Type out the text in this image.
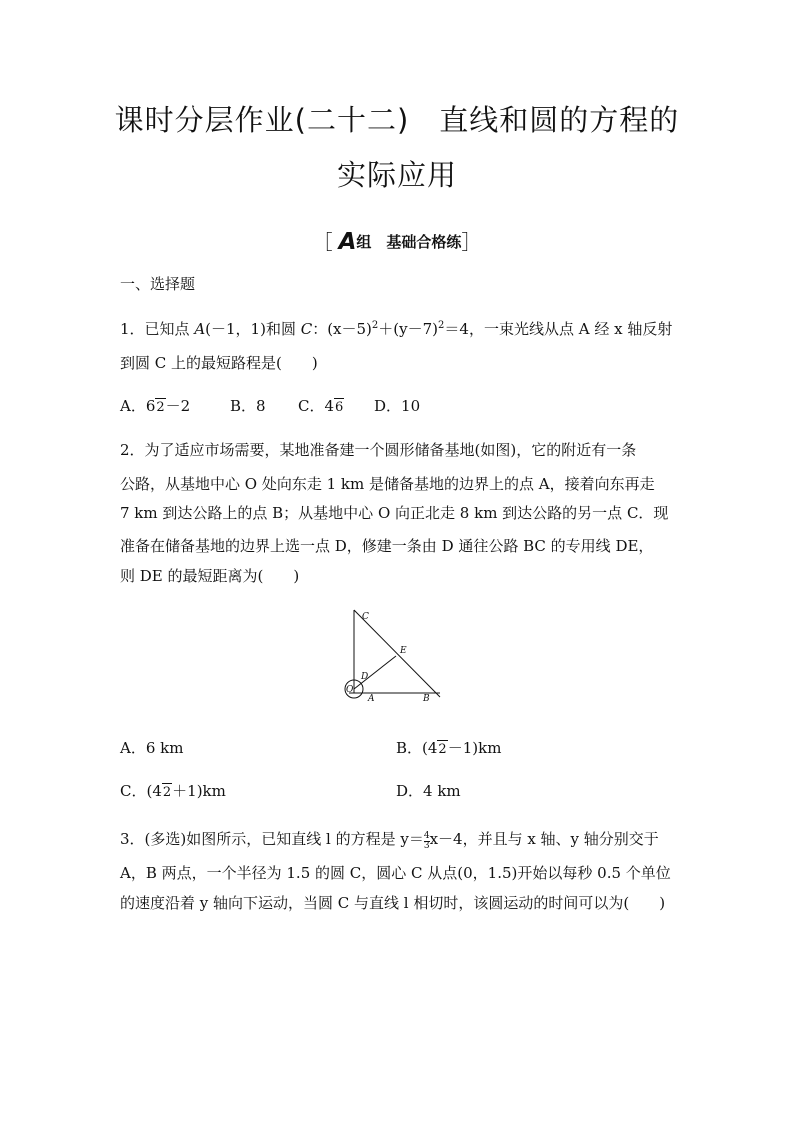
课时分层作业(二十二)　直线和圆的方程的
实际应用
［ A组　基础合格练］
一、选择题
1．已知点 A(－1，1)和圆 C：$(x-5)^2+(y-7)^2=4$，一束光线从点 A 经 x 轴反射
到圆 C 上的最短路程是(　　)
A．62－2	B．8 C．46 D．10
2．为了适应市场需要，某地准备建一个圆形储备基地(如图)，它的附近有一条
公路，从基地中心 O 处向东走 1 km 是储备基地的边界上的点 A，接着向东再走
7 km 到达公路上的点 B；从基地中心 O 向正北走 8 km 到达公路的另一点 C．现
准备在储备基地的边界上选一点 D，修建一条由 D 通往公路 BC 的专用线 DE，
则 DE 的最短距离为(　　)
C
E
D
O
A	B
A．6 km	B．(42－1)km
C．(42＋1)km	D．4 km
3．(多选)如图所示，已知直线 l 的方程是 $y= \frac{4}{3} x-4$，并且与 x 轴、y 轴分别交于
A，B 两点，一个半径为 1.5 的圆 C，圆心 C 从点(0，1.5)开始以每秒 0.5 个单位
的速度沿着 y 轴向下运动，当圆 C 与直线 l 相切时，该圆运动的时间可以为(　　)
